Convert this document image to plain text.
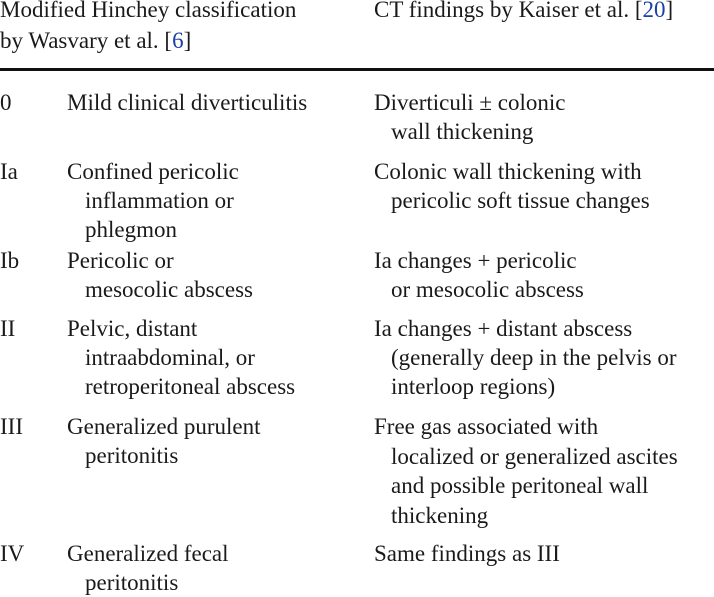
Modified Hinchey classification
by Wasvary et al. [6]
CT findings by Kaiser et al. [20]
0 Mild clinical diverticulitis	Diverticuli ± colonic
wall thickening
Ia Confined pericolic
inflammation or
phlegmon
Colonic wall thickening with
pericolic soft tissue changes
Ib Pericolic or
mesocolic abscess
Ia changes + pericolic
or mesocolic abscess
II Pelvic, distant
intraabdominal, or
retroperitoneal abscess
Ia changes + distant abscess
(generally deep in the pelvis or
interloop regions)
III Generalized purulent
peritonitis
Free gas associated with
localized or generalized ascites
and possible peritoneal wall
thickening
IV Generalized fecal
peritonitis
Same findings as III
